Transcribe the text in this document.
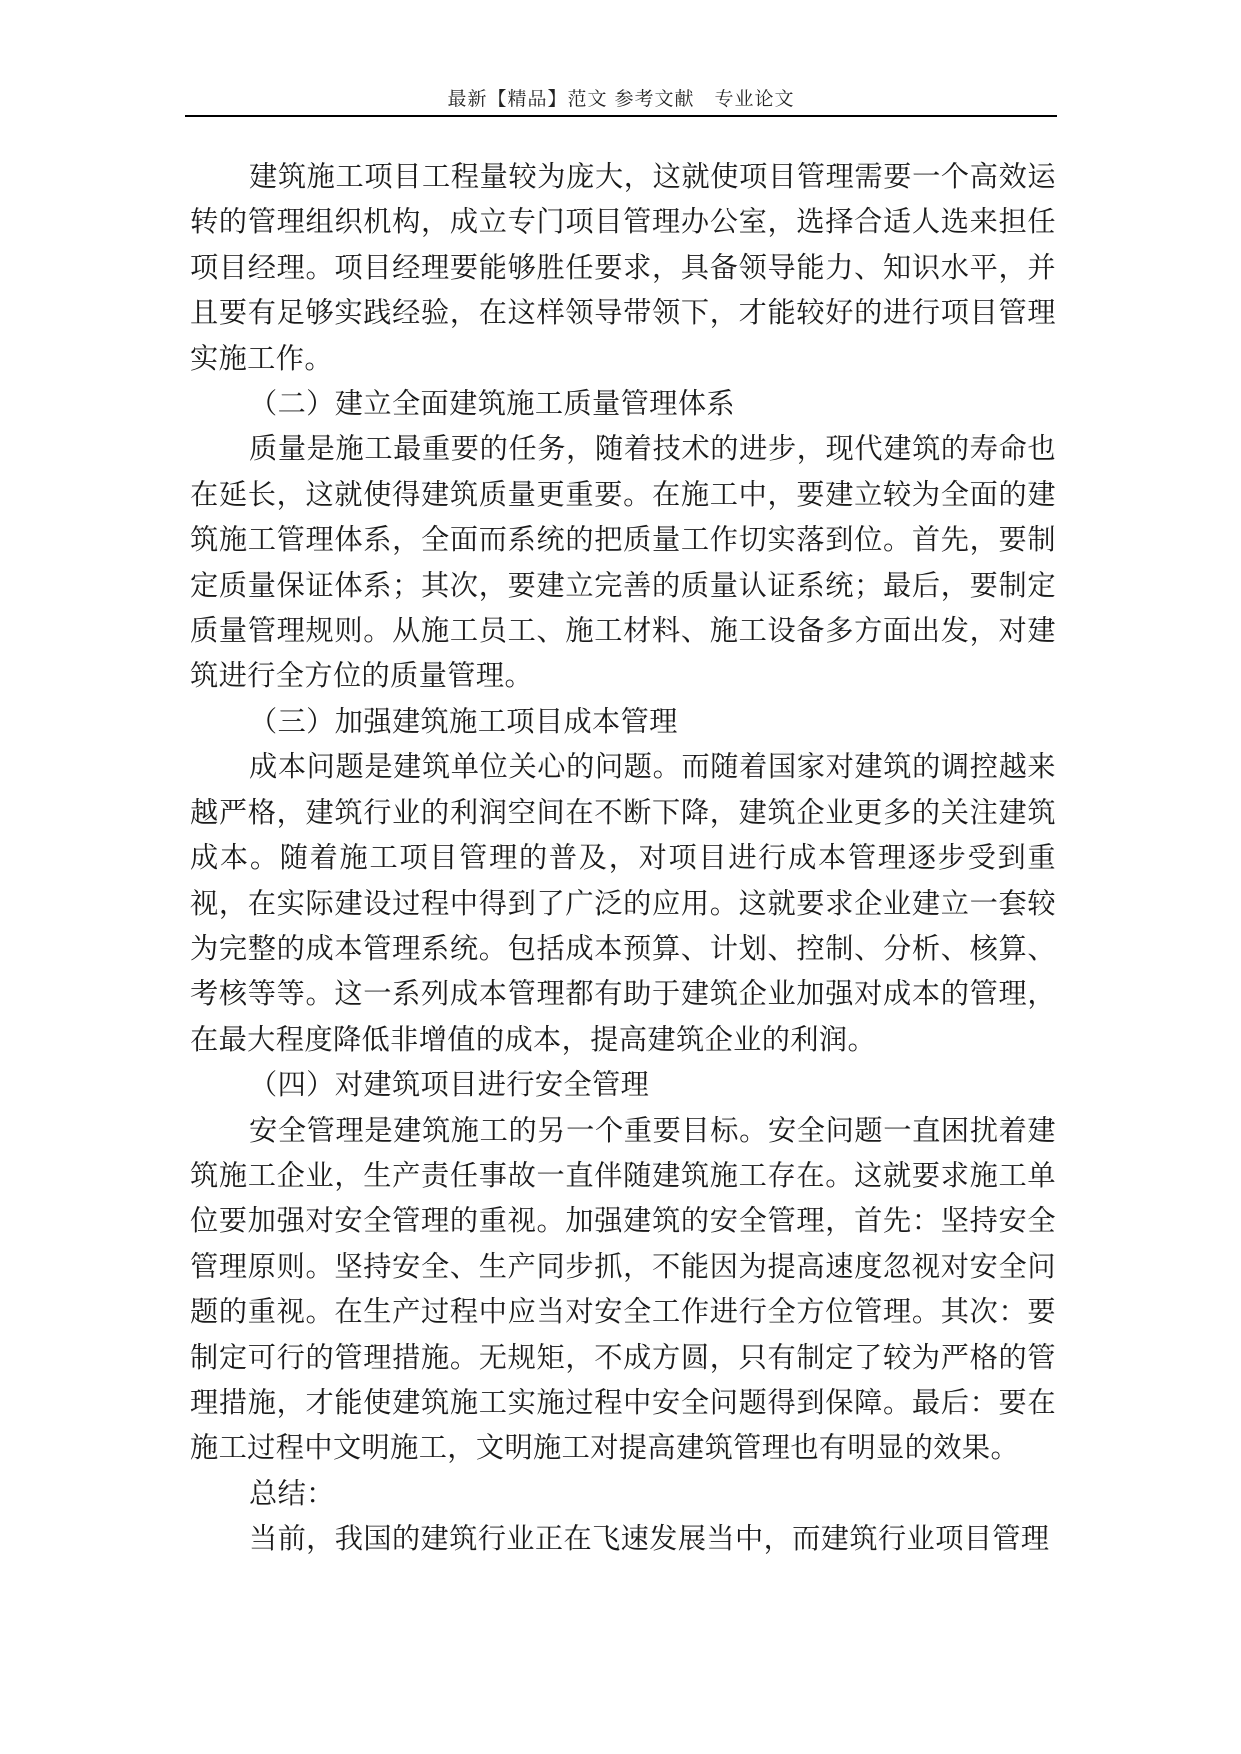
最新【精品】范文 参考文献　专业论文

建筑施工项目工程量较为庞大，这就使项目管理需要一个高效运转的管理组织机构，成立专门项目管理办公室，选择合适人选来担任项目经理。项目经理要能够胜任要求，具备领导能力、知识水平，并且要有足够实践经验，在这样领导带领下，才能较好的进行项目管理实施工作。

（二）建立全面建筑施工质量管理体系

质量是施工最重要的任务，随着技术的进步，现代建筑的寿命也在延长，这就使得建筑质量更重要。在施工中，要建立较为全面的建筑施工管理体系，全面而系统的把质量工作切实落到位。首先，要制定质量保证体系；其次，要建立完善的质量认证系统；最后，要制定质量管理规则。从施工员工、施工材料、施工设备多方面出发，对建筑进行全方位的质量管理。

（三）加强建筑施工项目成本管理

成本问题是建筑单位关心的问题。而随着国家对建筑的调控越来越严格，建筑行业的利润空间在不断下降，建筑企业更多的关注建筑成本。随着施工项目管理的普及，对项目进行成本管理逐步受到重视，在实际建设过程中得到了广泛的应用。这就要求企业建立一套较为完整的成本管理系统。包括成本预算、计划、控制、分析、核算、考核等等。这一系列成本管理都有助于建筑企业加强对成本的管理，在最大程度降低非增值的成本，提高建筑企业的利润。

（四）对建筑项目进行安全管理

安全管理是建筑施工的另一个重要目标。安全问题一直困扰着建筑施工企业，生产责任事故一直伴随建筑施工存在。这就要求施工单位要加强对安全管理的重视。加强建筑的安全管理，首先：坚持安全管理原则。坚持安全、生产同步抓，不能因为提高速度忽视对安全问题的重视。在生产过程中应当对安全工作进行全方位管理。其次：要制定可行的管理措施。无规矩，不成方圆，只有制定了较为严格的管理措施，才能使建筑施工实施过程中安全问题得到保障。最后：要在施工过程中文明施工，文明施工对提高建筑管理也有明显的效果。

总结：

当前，我国的建筑行业正在飞速发展当中，而建筑行业项目管理
